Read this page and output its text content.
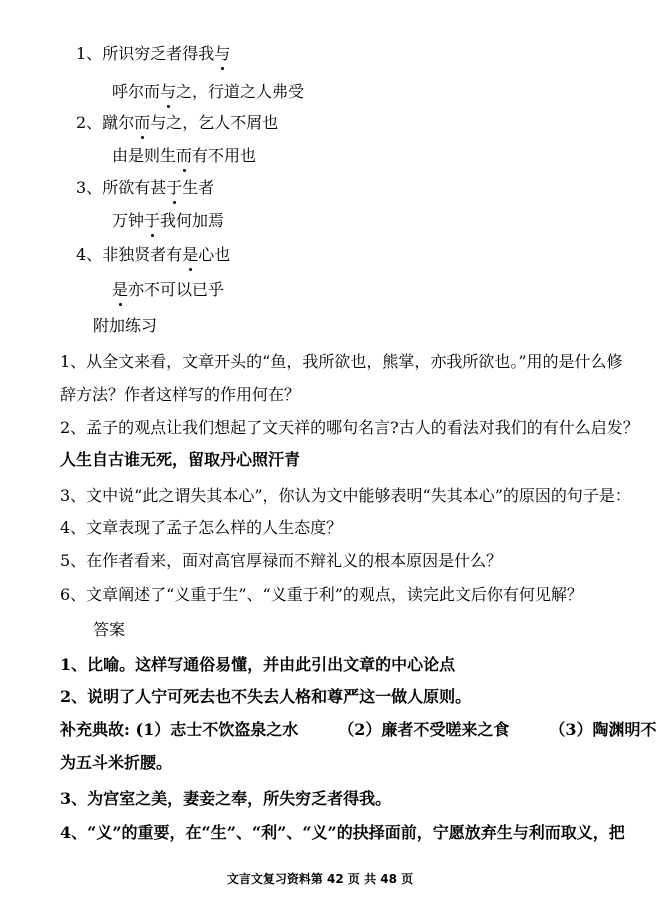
1、所识穷乏者得我与
呼尔而与之，行道之人弗受
2、蹴尔而与之，乞人不屑也
由是则生而有不用也
3、所欲有甚于生者
万钟于我何加焉
4、非独贤者有是心也
是亦不可以已乎
附加练习
1、从全文来看，文章开头的“鱼，我所欲也，熊掌，亦我所欲也。”用的是什么修
辞方法？作者这样写的作用何在？
2、孟子的观点让我们想起了文天祥的哪句名言?古人的看法对我们的有什么启发？
人生自古谁无死，留取丹心照汗青
3、文中说“此之谓失其本心”，你认为文中能够表明“失其本心”的原因的句子是：
4、文章表现了孟子怎么样的人生态度？
5、在作者看来，面对高官厚禄而不辩礼义的根本原因是什么？
6、文章阐述了“义重于生”、“义重于利”的观点，读完此文后你有何见解？
答案
1、比喻。这样写通俗易懂，并由此引出文章的中心论点
2、说明了人宁可死去也不失去人格和尊严这一做人原则。
补充典故: (1）志士不饮盗泉之水	（2）廉者不受嗟来之食	（3）陶渊明不
为五斗米折腰。
3、为宫室之美，妻妾之奉，所失穷乏者得我。
4、“义”的重要，在“生”、“利”、“义”的抉择面前，宁愿放弃生与利而取义，把
文言文复习资料第 42 页 共 48 页
